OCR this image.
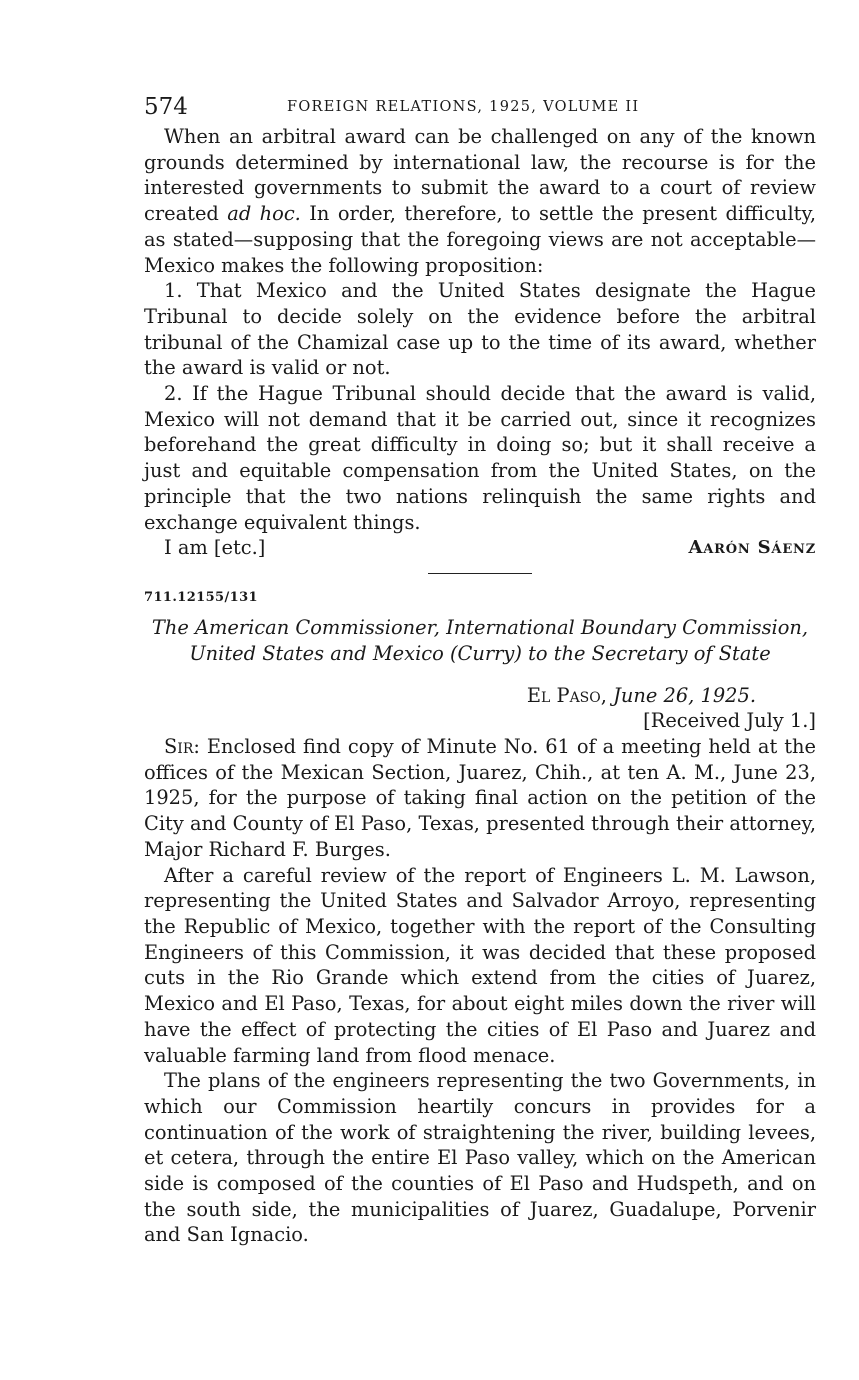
574	FOREIGN RELATIONS, 1925, VOLUME II

When an arbitral award can be challenged on any of the known grounds determined by international law, the recourse is for the interested governments to submit the award to a court of review created ad hoc. In order, therefore, to settle the present difficulty, as stated—supposing that the foregoing views are not acceptable—Mexico makes the following proposition:

1. That Mexico and the United States designate the Hague Tribunal to decide solely on the evidence before the arbitral tribunal of the Chamizal case up to the time of its award, whether the award is valid or not.

2. If the Hague Tribunal should decide that the award is valid, Mexico will not demand that it be carried out, since it recognizes beforehand the great difficulty in doing so; but it shall receive a just and equitable compensation from the United States, on the principle that the two nations relinquish the same rights and exchange equivalent things.

I am [etc.]	Aarón Sáenz
711.12155/131
The American Commissioner, International Boundary Commission,
United States and Mexico (Curry) to the Secretary of State
El Paso, June 26, 1925.
[Received July 1.]

Sir: Enclosed find copy of Minute No. 61 of a meeting held at the offices of the Mexican Section, Juarez, Chih., at ten A. M., June 23, 1925, for the purpose of taking final action on the petition of the City and County of El Paso, Texas, presented through their attorney, Major Richard F. Burges.

After a careful review of the report of Engineers L. M. Lawson, representing the United States and Salvador Arroyo, representing the Republic of Mexico, together with the report of the Consulting Engineers of this Commission, it was decided that these proposed cuts in the Rio Grande which extend from the cities of Juarez, Mexico and El Paso, Texas, for about eight miles down the river will have the effect of protecting the cities of El Paso and Juarez and valuable farming land from flood menace.

The plans of the engineers representing the two Governments, in which our Commission heartily concurs in provides for a continuation of the work of straightening the river, building levees, et cetera, through the entire El Paso valley, which on the American side is composed of the counties of El Paso and Hudspeth, and on the south side, the municipalities of Juarez, Guadalupe, Porvenir and San Ignacio.
